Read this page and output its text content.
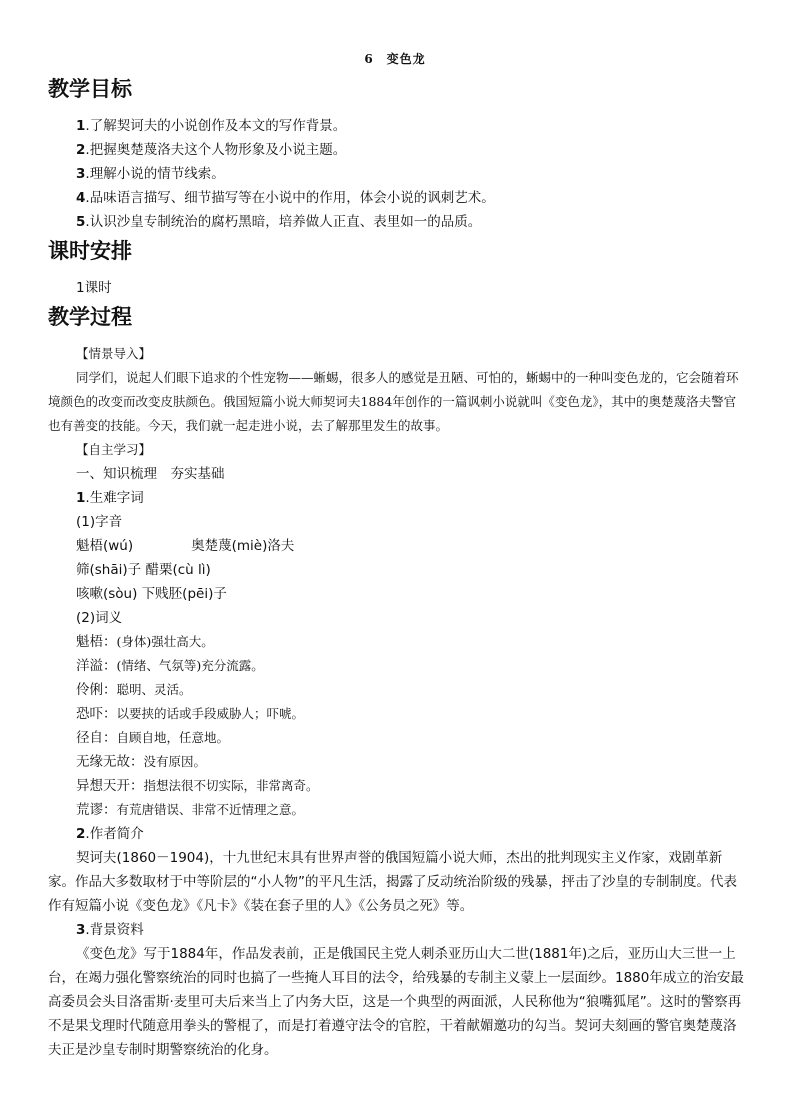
6　变色龙
教学目标
1.了解契诃夫的小说创作及本文的写作背景。
2.把握奥楚蔑洛夫这个人物形象及小说主题。
3.理解小说的情节线索。
4.品味语言描写、细节描写等在小说中的作用，体会小说的讽刺艺术。
5.认识沙皇专制统治的腐朽黑暗，培养做人正直、表里如一的品质。
课时安排
1课时
教学过程
【情景导入】

同学们，说起人们眼下追求的个性宠物——蜥蜴，很多人的感觉是丑陋、可怕的，蜥蜴中的一种叫变色龙的，它会随着环境颜色的改变而改变皮肤颜色。俄国短篇小说大师契诃夫1884年创作的一篇讽刺小说就叫《变色龙》，其中的奥楚蔑洛夫警官也有善变的技能。今天，我们就一起走进小说，去了解那里发生的故事。

【自主学习】
一、知识梳理　夯实基础
1.生难字词
(1)字音
魁梧(wú)	奥楚蔑(miè)洛夫
筛(shāi)子 醋栗(cù lì)
咳嗽(sòu) 下贱胚(pēi)子
(2)词义
魁梧：(身体)强壮高大。
洋溢：(情绪、气氛等)充分流露。
伶俐：聪明、灵活。
恐吓：以要挟的话或手段威胁人；吓唬。
径自：自顾自地，任意地。
无缘无故：没有原因。
异想天开：指想法很不切实际，非常离奇。
荒谬：有荒唐错误、非常不近情理之意。
2.作者简介

契诃夫(1860－1904)，十九世纪末具有世界声誉的俄国短篇小说大师，杰出的批判现实主义作家，戏剧革新家。作品大多数取材于中等阶层的“小人物”的平凡生活，揭露了反动统治阶级的残暴，抨击了沙皇的专制制度。代表作有短篇小说《变色龙》《凡卡》《装在套子里的人》《公务员之死》等。

3.背景资料

《变色龙》写于1884年，作品发表前，正是俄国民主党人刺杀亚历山大二世(1881年)之后，亚历山大三世一上台，在竭力强化警察统治的同时也搞了一些掩人耳目的法令，给残暴的专制主义蒙上一层面纱。1880年成立的治安最高委员会头目洛雷斯·麦里可夫后来当上了内务大臣，这是一个典型的两面派，人民称他为“狼嘴狐尾”。这时的警察再不是果戈理时代随意用拳头的警棍了，而是打着遵守法令的官腔，干着献媚邀功的勾当。契诃夫刻画的警官奥楚蔑洛夫正是沙皇专制时期警察统治的化身。
